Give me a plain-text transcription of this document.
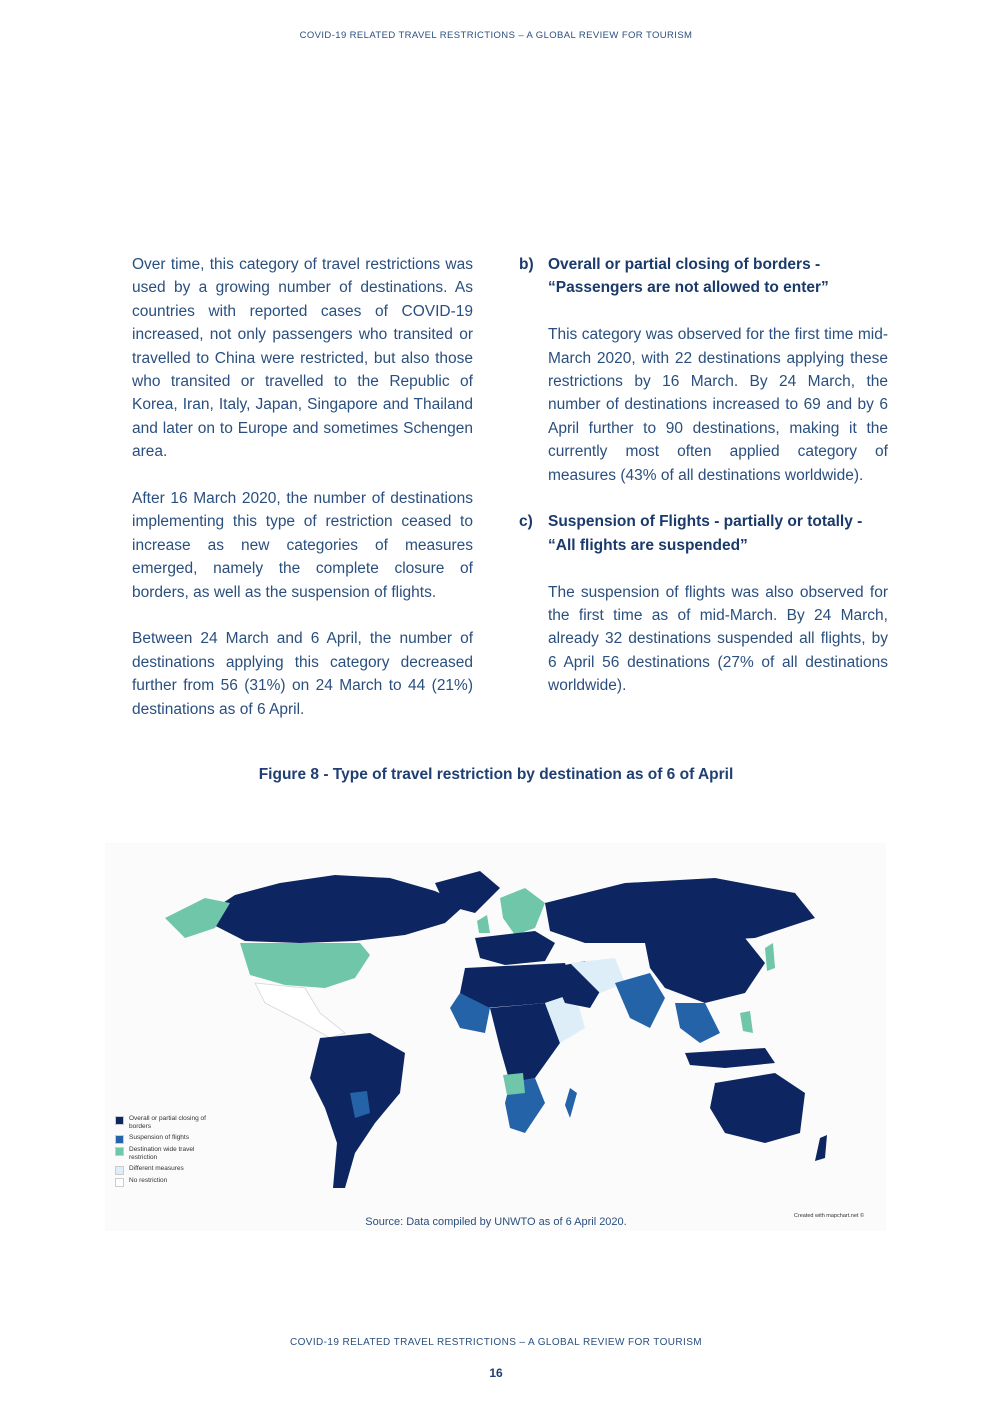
COVID-19 RELATED TRAVEL RESTRICTIONS – A GLOBAL REVIEW FOR TOURISM

Over time, this category of travel restrictions was used by a growing number of destinations. As countries with reported cases of COVID-19 increased, not only passengers who transited or travelled to China were restricted, but also those who transited or travelled to the Republic of Korea, Iran, Italy, Japan, Singapore and Thailand and later on to Europe and sometimes Schengen area.

After 16 March 2020, the number of destinations implementing this type of restriction ceased to increase as new categories of measures emerged, namely the complete closure of borders, as well as the suspension of flights.

Between 24 March and 6 April, the number of destinations applying this category decreased further from 56 (31%) on 24 March to 44 (21%) destinations as of 6 April.

b) Overall or partial closing of borders - “Passengers are not allowed to enter”

This category was observed for the first time mid-March 2020, with 22 destinations applying these restrictions by 16 March. By 24 March, the number of destinations increased to 69 and by 6 April further to 90 destinations, making it the currently most often applied category of measures (43% of all destinations worldwide).

c) Suspension of Flights - partially or totally - “All flights are suspended”

The suspension of flights was also observed for the first time as of mid-March. By 24 March, already 32 destinations suspended all flights, by 6 April 56 destinations (27% of all destinations worldwide).

Figure 8 - Type of travel restriction by destination as of 6 of April
Overall or partial closing of borders
Suspension of flights
Destination wide travel restriction
Different measures
No restriction
Created with mapchart.net ©
Source: Data compiled by UNWTO as of 6 April 2020.
COVID-19 RELATED TRAVEL RESTRICTIONS – A GLOBAL REVIEW FOR TOURISM
16
